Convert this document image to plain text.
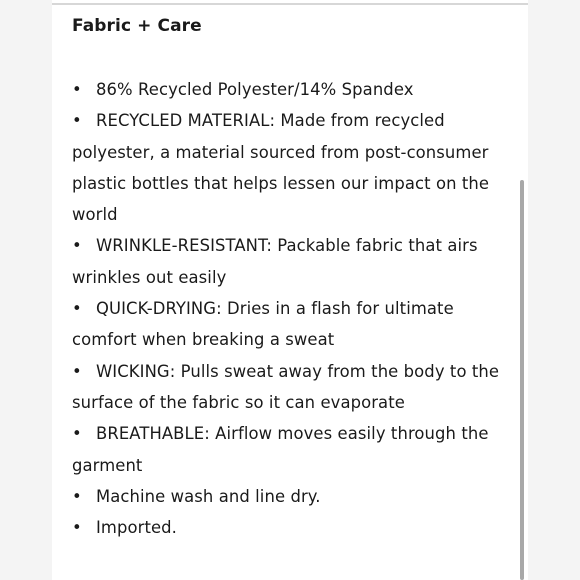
Fabric + Care

• 86% Recycled Polyester/14% Spandex

• RECYCLED MATERIAL: Made from recycled polyester, a material sourced from post-consumer plastic bottles that helps lessen our impact on the world

• WRINKLE-RESISTANT: Packable fabric that airs wrinkles out easily

• QUICK-DRYING: Dries in a flash for ultimate comfort when breaking a sweat

• WICKING: Pulls sweat away from the body to the surface of the fabric so it can evaporate

• BREATHABLE: Airflow moves easily through the garment

• Machine wash and line dry.

• Imported.
